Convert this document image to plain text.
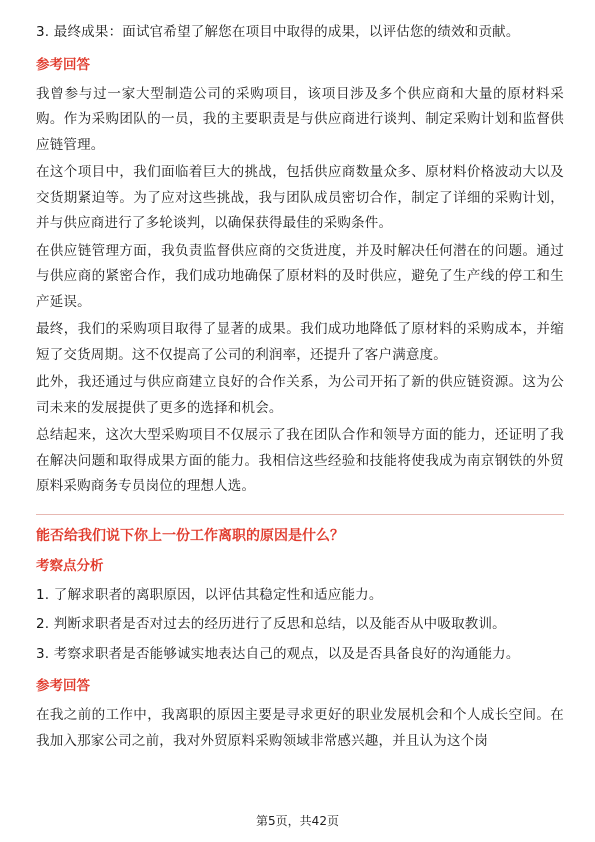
3. 最终成果：面试官希望了解您在项目中取得的成果，以评估您的绩效和贡献。

参考回答

我曾参与过一家大型制造公司的采购项目，该项目涉及多个供应商和大量的原材料采购。作为采购团队的一员，我的主要职责是与供应商进行谈判、制定采购计划和监督供应链管理。

在这个项目中，我们面临着巨大的挑战，包括供应商数量众多、原材料价格波动大以及交货期紧迫等。为了应对这些挑战，我与团队成员密切合作，制定了详细的采购计划，并与供应商进行了多轮谈判，以确保获得最佳的采购条件。

在供应链管理方面，我负责监督供应商的交货进度，并及时解决任何潜在的问题。通过与供应商的紧密合作，我们成功地确保了原材料的及时供应，避免了生产线的停工和生产延误。

最终，我们的采购项目取得了显著的成果。我们成功地降低了原材料的采购成本，并缩短了交货周期。这不仅提高了公司的利润率，还提升了客户满意度。

此外，我还通过与供应商建立良好的合作关系，为公司开拓了新的供应链资源。这为公司未来的发展提供了更多的选择和机会。

总结起来，这次大型采购项目不仅展示了我在团队合作和领导方面的能力，还证明了我在解决问题和取得成果方面的能力。我相信这些经验和技能将使我成为南京钢铁的外贸原料采购商务专员岗位的理想人选。

能否给我们说下你上一份工作离职的原因是什么？
考察点分析

1. 了解求职者的离职原因，以评估其稳定性和适应能力。

2. 判断求职者是否对过去的经历进行了反思和总结，以及能否从中吸取教训。

3. 考察求职者是否能够诚实地表达自己的观点，以及是否具备良好的沟通能力。

参考回答

在我之前的工作中，我离职的原因主要是寻求更好的职业发展机会和个人成长空间。在我加入那家公司之前，我对外贸原料采购领域非常感兴趣，并且认为这个岗

第5页，共42页
